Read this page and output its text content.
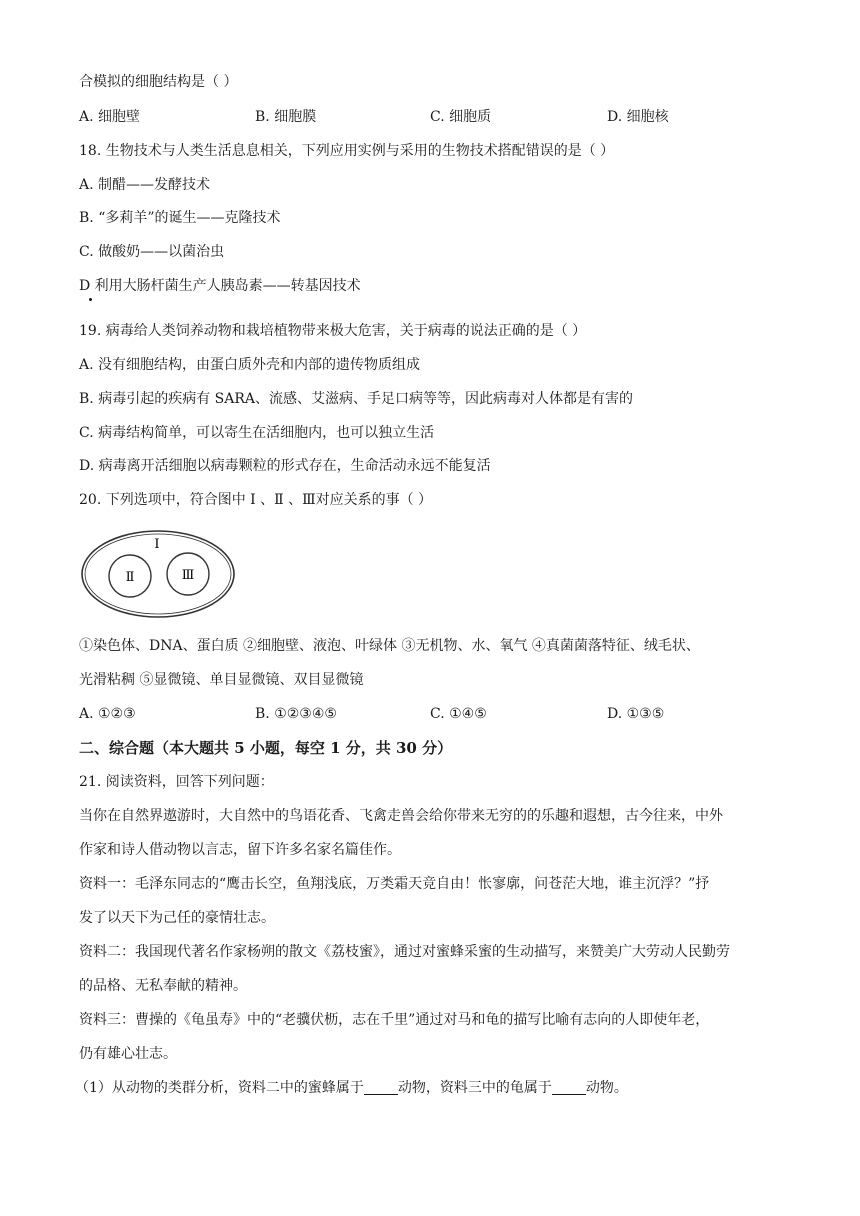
合模拟的细胞结构是（ ）
A. 细胞壁	B. 细胞膜	C. 细胞质	D. 细胞核
18. 生物技术与人类生活息息相关，下列应用实例与采用的生物技术搭配错误的是（ ）
A. 制醋——发酵技术
B. “多莉羊”的诞生——克隆技术
C. 做酸奶——以菌治虫
D 利用大肠杆菌生产人胰岛素——转基因技术
19. 病毒给人类饲养动物和栽培植物带来极大危害，关于病毒的说法正确的是（ ）
A. 没有细胞结构，由蛋白质外壳和内部的遗传物质组成
B. 病毒引起的疾病有 SARA、流感、艾滋病、手足口病等等，因此病毒对人体都是有害的
C. 病毒结构简单，可以寄生在活细胞内，也可以独立生活
D. 病毒离开活细胞以病毒颗粒的形式存在，生命活动永远不能复活
20. 下列选项中，符合图中 Ⅰ 、Ⅱ 、Ⅲ对应关系的事（ ）
Ⅰ
Ⅱ	Ⅲ
①染色体、DNA、蛋白质 ②细胞壁、液泡、叶绿体 ③无机物、水、氧气 ④真菌菌落特征、绒毛状、
光滑粘稠 ⑤显微镜、单目显微镜、双目显微镜
A. ①②③	B. ①②③④⑤	C. ①④⑤	D. ①③⑤
二、综合题（本大题共 5 小题，每空 1 分，共 30 分）
21. 阅读资料，回答下列问题：
当你在自然界遨游时，大自然中的鸟语花香、飞禽走兽会给你带来无穷的的乐趣和遐想，古今往来，中外
作家和诗人借动物以言志，留下许多名家名篇佳作。
资料一：毛泽东同志的“鹰击长空，鱼翔浅底，万类霜天竞自由！怅寥廓，问苍茫大地，谁主沉浮？”抒
发了以天下为己任的豪情壮志。
资料二：我国现代著名作家杨朔的散文《荔枝蜜》，通过对蜜蜂采蜜的生动描写，来赞美广大劳动人民勤劳
的品格、无私奉献的精神。
资料三：曹操的《龟虽寿》中的“老骥伏枥，志在千里”通过对马和龟的描写比喻有志向的人即使年老，
仍有雄心壮志。
（1）从动物的类群分析，资料二中的蜜蜂属于 动物，资料三中的龟属于 动物。
